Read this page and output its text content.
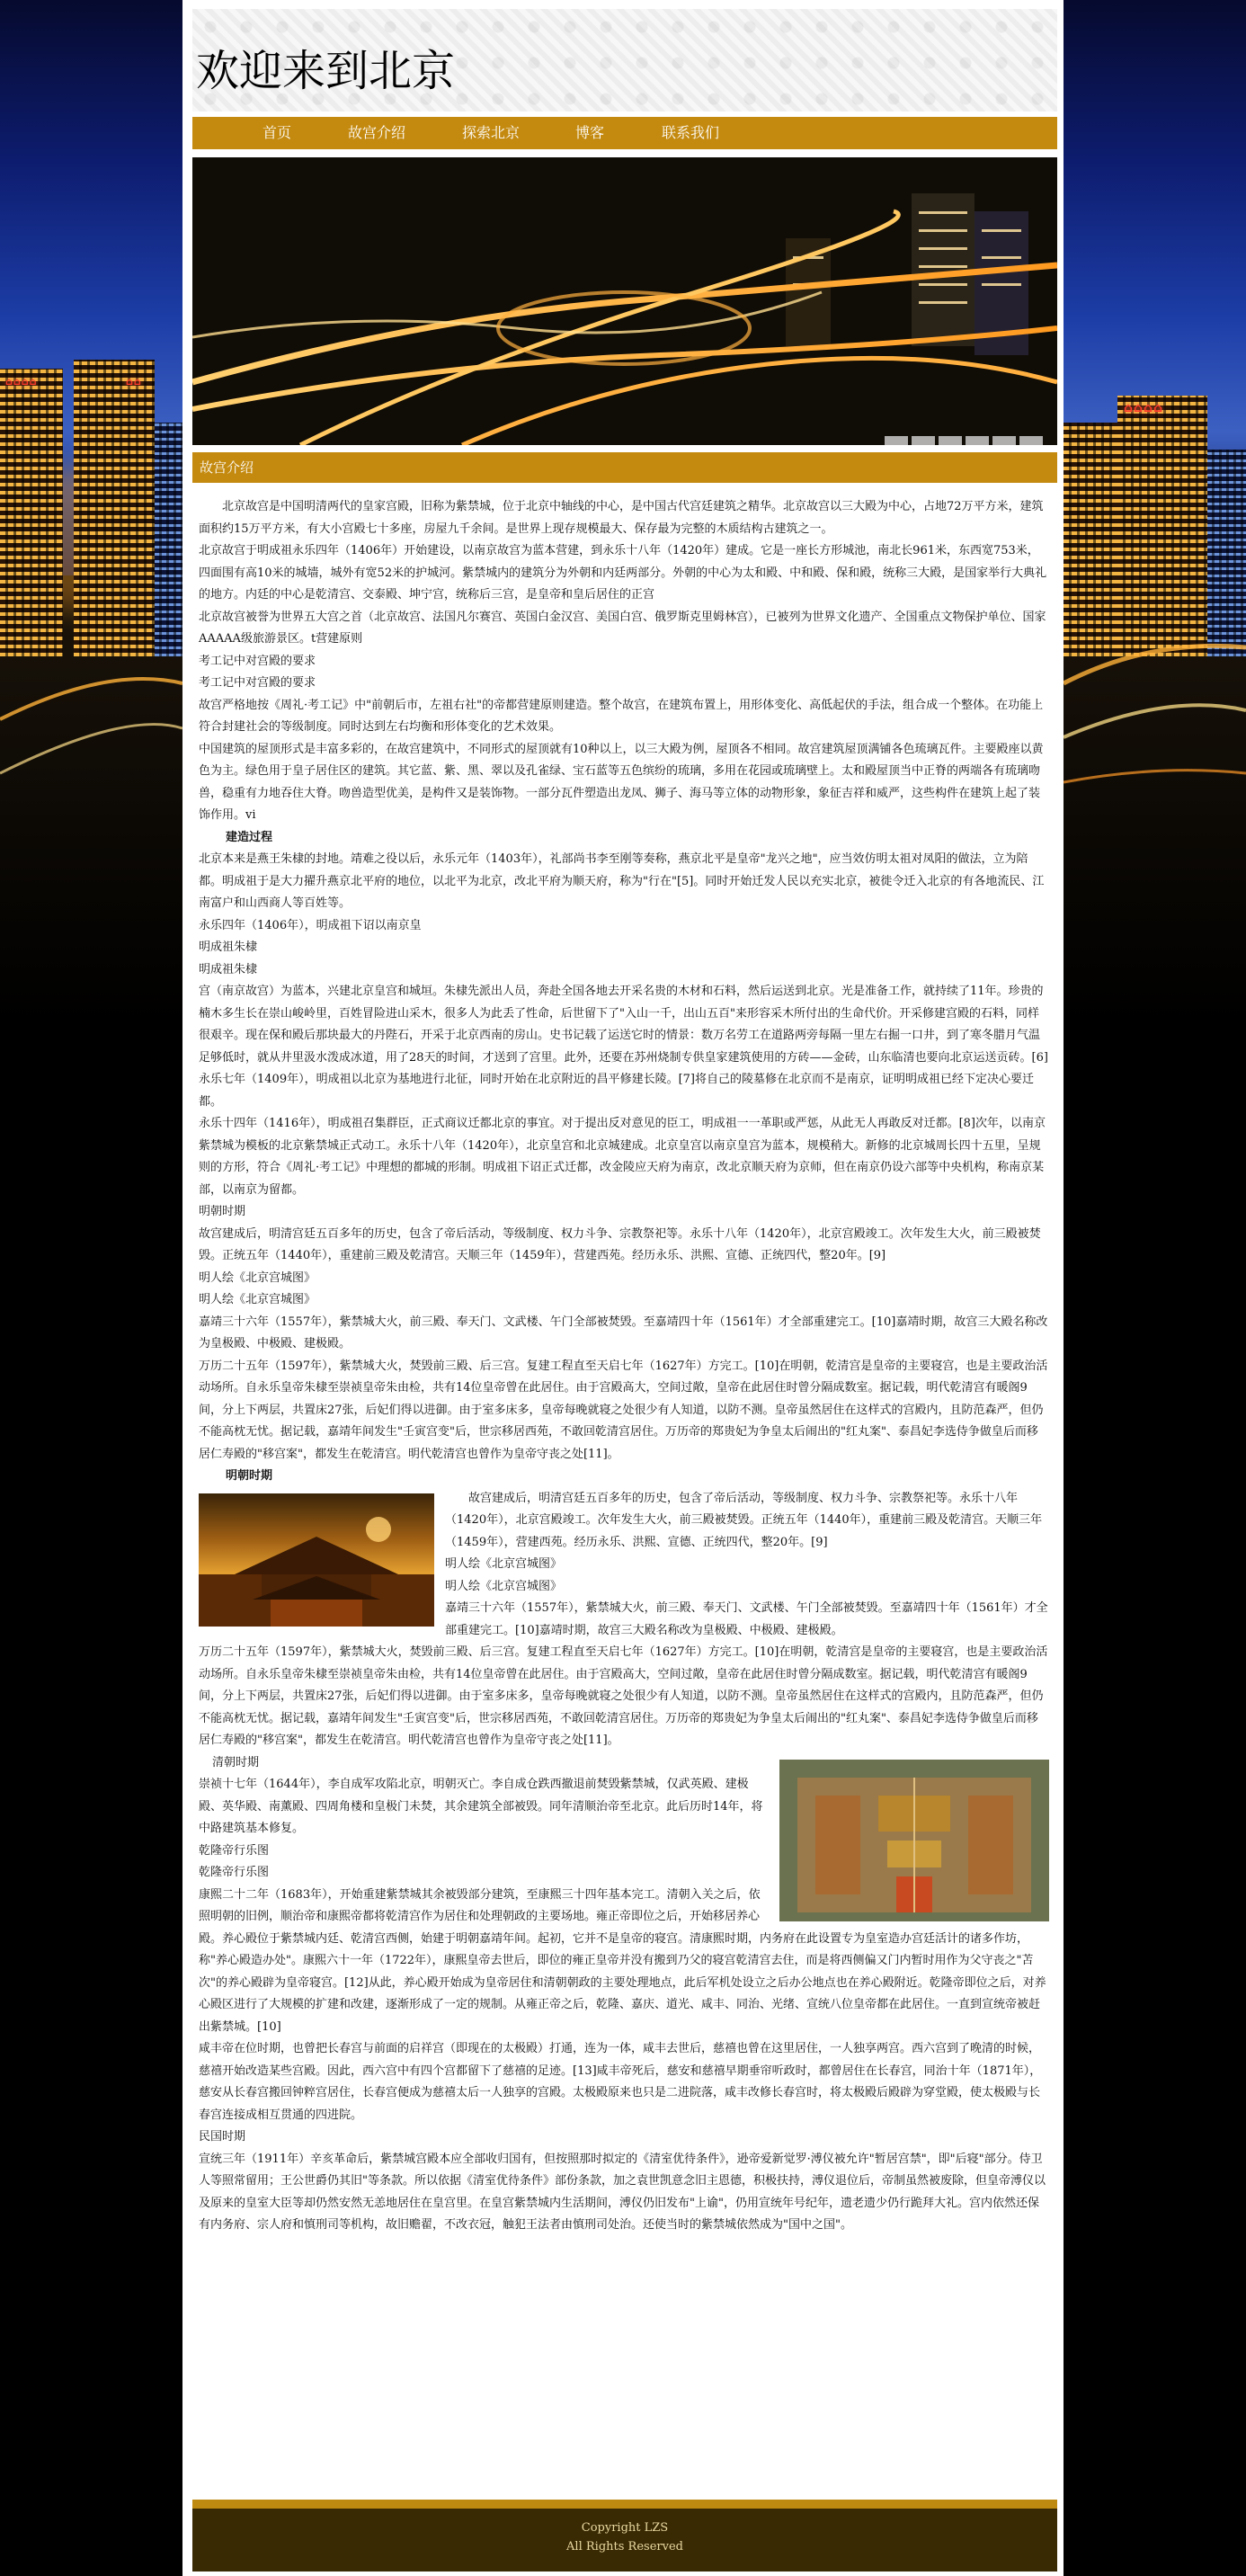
⌂⌂⌂⌂	⌂⌂
⌂⌂⌂⌂
欢迎来到北京
首页	故宫介绍	探索北京	博客	联系我们
故宫介绍

北京故宫是中国明清两代的皇家宫殿，旧称为紫禁城，位于北京中轴线的中心，是中国古代宫廷建筑之精华。北京故宫以三大殿为中心，占地72万平方米，建筑面积约15万平方米，有大小宫殿七十多座，房屋九千余间。是世界上现存规模最大、保存最为完整的木质结构古建筑之一。

北京故宫于明成祖永乐四年（1406年）开始建设，以南京故宫为蓝本营建，到永乐十八年（1420年）建成。它是一座长方形城池，南北长961米，东西宽753米，四面围有高10米的城墙，城外有宽52米的护城河。紫禁城内的建筑分为外朝和内廷两部分。外朝的中心为太和殿、中和殿、保和殿，统称三大殿，是国家举行大典礼的地方。内廷的中心是乾清宫、交泰殿、坤宁宫，统称后三宫，是皇帝和皇后居住的正宫

北京故宫被誉为世界五大宫之首（北京故宫、法国凡尔赛宫、英国白金汉宫、美国白宫、俄罗斯克里姆林宫），已被列为世界文化遗产、全国重点文物保护单位、国家AAAAA级旅游景区。t营建原则

考工记中对宫殿的要求

考工记中对宫殿的要求

故宫严格地按《周礼·考工记》中"前朝后市，左祖右社"的帝都营建原则建造。整个故宫，在建筑布置上，用形体变化、高低起伏的手法，组合成一个整体。在功能上符合封建社会的等级制度。同时达到左右均衡和形体变化的艺术效果。

中国建筑的屋顶形式是丰富多彩的，在故宫建筑中，不同形式的屋顶就有10种以上，以三大殿为例，屋顶各不相同。故宫建筑屋顶满铺各色琉璃瓦件。主要殿座以黄色为主。绿色用于皇子居住区的建筑。其它蓝、紫、黑、翠以及孔雀绿、宝石蓝等五色缤纷的琉璃，多用在花园或琉璃壁上。太和殿屋顶当中正脊的两端各有琉璃吻兽，稳重有力地吞住大脊。吻兽造型优美，是构件又是装饰物。一部分瓦件塑造出龙凤、狮子、海马等立体的动物形象，象征吉祥和威严，这些构件在建筑上起了装饰作用。vi

建造过程

北京本来是燕王朱棣的封地。靖难之役以后，永乐元年（1403年），礼部尚书李至刚等奏称，燕京北平是皇帝"龙兴之地"，应当效仿明太祖对凤阳的做法，立为陪都。明成祖于是大力擢升燕京北平府的地位，以北平为北京，改北平府为顺天府，称为"行在"[5]。同时开始迁发人民以充实北京，被徙令迁入北京的有各地流民、江南富户和山西商人等百姓等。

永乐四年（1406年），明成祖下诏以南京皇

明成祖朱棣

明成祖朱棣

宫（南京故宫）为蓝本，兴建北京皇宫和城垣。朱棣先派出人员，奔赴全国各地去开采名贵的木材和石料，然后运送到北京。光是准备工作，就持续了11年。珍贵的楠木多生长在崇山峻岭里，百姓冒险进山采木，很多人为此丢了性命，后世留下了"入山一千，出山五百"来形容采木所付出的生命代价。开采修建宫殿的石料，同样很艰辛。现在保和殿后那块最大的丹陛石，开采于北京西南的房山。史书记载了运送它时的情景：数万名劳工在道路两旁每隔一里左右掘一口井，到了寒冬腊月气温足够低时，就从井里汲水泼成冰道，用了28天的时间，才送到了宫里。此外，还要在苏州烧制专供皇家建筑使用的方砖——金砖，山东临清也要向北京运送贡砖。[6]

永乐七年（1409年），明成祖以北京为基地进行北征，同时开始在北京附近的昌平修建长陵。[7]将自己的陵墓修在北京而不是南京，证明明成祖已经下定决心要迁都。

永乐十四年（1416年），明成祖召集群臣，正式商议迁都北京的事宜。对于提出反对意见的臣工，明成祖一一革职或严惩，从此无人再敢反对迁都。[8]次年，以南京紫禁城为模板的北京紫禁城正式动工。永乐十八年（1420年），北京皇宫和北京城建成。北京皇宫以南京皇宫为蓝本，规模稍大。新修的北京城周长四十五里，呈规则的方形，符合《周礼·考工记》中理想的都城的形制。明成祖下诏正式迁都，改金陵应天府为南京，改北京顺天府为京师，但在南京仍设六部等中央机构，称南京某部，以南京为留都。

明朝时期

故宫建成后，明清宫廷五百多年的历史，包含了帝后活动，等级制度、权力斗争、宗教祭祀等。永乐十八年（1420年），北京宫殿竣工。次年发生大火，前三殿被焚毁。正统五年（1440年），重建前三殿及乾清宫。天顺三年（1459年），营建西苑。经历永乐、洪熙、宣德、正统四代，整20年。[9]

明人绘《北京宫城图》

明人绘《北京宫城图》

嘉靖三十六年（1557年），紫禁城大火，前三殿、奉天门、文武楼、午门全部被焚毁。至嘉靖四十年（1561年）才全部重建完工。[10]嘉靖时期，故宫三大殿名称改为皇极殿、中极殿、建极殿。

万历二十五年（1597年），紫禁城大火，焚毁前三殿、后三宫。复建工程直至天启七年（1627年）方完工。[10]在明朝，乾清宫是皇帝的主要寝宫，也是主要政治活动场所。自永乐皇帝朱棣至崇祯皇帝朱由检，共有14位皇帝曾在此居住。由于宫殿高大，空间过敞，皇帝在此居住时曾分隔成数室。据记载，明代乾清宫有暖阁9间，分上下两层，共置床27张，后妃们得以进御。由于室多床多，皇帝每晚就寝之处很少有人知道，以防不测。皇帝虽然居住在这样式的宫殿内，且防范森严，但仍不能高枕无忧。据记载，嘉靖年间发生"壬寅宫变"后，世宗移居西苑，不敢回乾清宫居住。万历帝的郑贵妃为争皇太后闹出的"红丸案"、泰昌妃李选侍争做皇后而移居仁寿殿的"移宫案"，都发生在乾清宫。明代乾清宫也曾作为皇帝守丧之处[11]。

明朝时期

故宫建成后，明清宫廷五百多年的历史，包含了帝后活动，等级制度、权力斗争、宗教祭祀等。永乐十八年（1420年），北京宫殿竣工。次年发生大火，前三殿被焚毁。正统五年（1440年），重建前三殿及乾清宫。天顺三年（1459年），营建西苑。经历永乐、洪熙、宣德、正统四代，整20年。[9]

明人绘《北京宫城图》

明人绘《北京宫城图》

嘉靖三十六年（1557年），紫禁城大火，前三殿、奉天门、文武楼、午门全部被焚毁。至嘉靖四十年（1561年）才全部重建完工。[10]嘉靖时期，故宫三大殿名称改为皇极殿、中极殿、建极殿。

万历二十五年（1597年），紫禁城大火，焚毁前三殿、后三宫。复建工程直至天启七年（1627年）方完工。[10]在明朝，乾清宫是皇帝的主要寝宫，也是主要政治活动场所。自永乐皇帝朱棣至崇祯皇帝朱由检，共有14位皇帝曾在此居住。由于宫殿高大，空间过敞，皇帝在此居住时曾分隔成数室。据记载，明代乾清宫有暖阁9间，分上下两层，共置床27张，后妃们得以进御。由于室多床多，皇帝每晚就寝之处很少有人知道，以防不测。皇帝虽然居住在这样式的宫殿内，且防范森严，但仍不能高枕无忧。据记载，嘉靖年间发生"壬寅宫变"后，世宗移居西苑，不敢回乾清宫居住。万历帝的郑贵妃为争皇太后闹出的"红丸案"、泰昌妃李选侍争做皇后而移居仁寿殿的"移宫案"，都发生在乾清宫。明代乾清宫也曾作为皇帝守丧之处[11]。

清朝时期

崇祯十七年（1644年），李自成军攻陷北京，明朝灭亡。李自成仓跌西撤退前焚毁紫禁城，仅武英殿、建极殿、英华殿、南薰殿、四周角楼和皇极门未焚，其余建筑全部被毁。同年清顺治帝至北京。此后历时14年，将中路建筑基本修复。

乾隆帝行乐图

乾隆帝行乐图

康熙二十二年（1683年），开始重建紫禁城其余被毁部分建筑，至康熙三十四年基本完工。清朝入关之后，依照明朝的旧例，顺治帝和康熙帝都将乾清宫作为居住和处理朝政的主要场地。雍正帝即位之后，开始移居养心殿。养心殿位于紫禁城内廷、乾清宫西侧，始建于明朝嘉靖年间。起初，它并不是皇帝的寝宫。清康熙时期，内务府在此设置专为皇室造办宫廷活计的诸多作坊，称"养心殿造办处"。康熙六十一年（1722年），康熙皇帝去世后，即位的雍正皇帝并没有搬到乃父的寝宫乾清宫去住，而是将西侧偏又门内暂时用作为父守丧之"苫次"的养心殿辟为皇帝寝宫。[12]从此，养心殿开始成为皇帝居住和清朝朝政的主要处理地点，此后军机处设立之后办公地点也在养心殿附近。乾隆帝即位之后，对养心殿区进行了大规模的扩建和改建，逐渐形成了一定的规制。从雍正帝之后，乾隆、嘉庆、道光、咸丰、同治、光绪、宣统八位皇帝都在此居住。一直到宣统帝被赶出紫禁城。[10]

咸丰帝在位时期，也曾把长春宫与前面的启祥宫（即现在的太极殿）打通，连为一体，咸丰去世后，慈禧也曾在这里居住，一人独享两宫。西六宫到了晚清的时候，慈禧开始改造某些宫殿。因此，西六宫中有四个宫都留下了慈禧的足迹。[13]咸丰帝死后，慈安和慈禧早期垂帘听政时，都曾居住在长春宫，同治十年（1871年），慈安从长春宫搬回钟粹宫居住，长春宫便成为慈禧太后一人独享的宫殿。太极殿原来也只是二进院落，咸丰改修长春宫时，将太极殿后殿辟为穿堂殿，使太极殿与长春宫连接成相互贯通的四进院。

民国时期

宣统三年（1911年）辛亥革命后，紫禁城宫殿本应全部收归国有，但按照那时拟定的《清室优待条件》，逊帝爱新觉罗·溥仪被允许"暂居宫禁"，即"后寝"部分。侍卫人等照常留用；王公世爵仍其旧"等条款。所以依据《清室优待条件》部份条款，加之袁世凯意念旧主恩德，积极扶持，溥仪退位后，帝制虽然被废除，但皇帝溥仪以及原来的皇室大臣等却仍然安然无恙地居住在皇宫里。在皇宫紫禁城内生活期间，溥仪仍旧发布"上谕"，仍用宣统年号纪年，遗老遗少仍行跪拜大礼。宫内依然还保有内务府、宗人府和慎刑司等机构，故旧赡翟，不改衣冠，触犯王法者由慎刑司处治。还使当时的紫禁城依然成为"国中之国"。

Copyright LZS

All Rights Reserved
